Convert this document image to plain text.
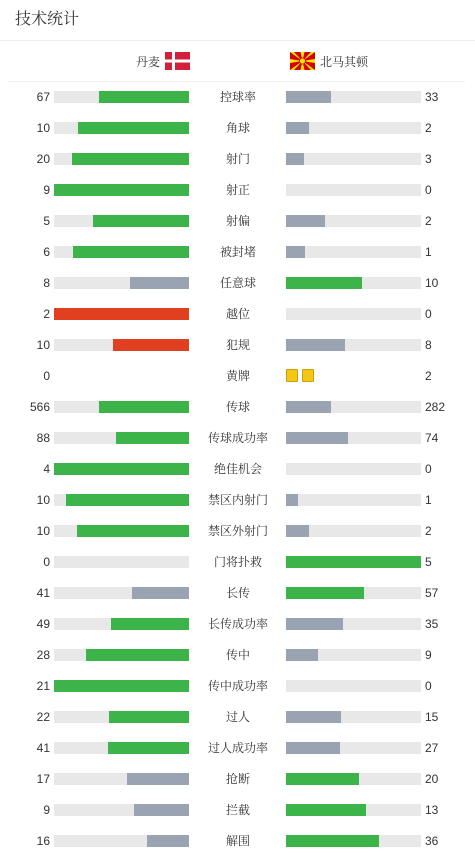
技术统计
丹麦	北马其顿
67	控球率	33
10	角球	2
20	射门	3
9	射正	0
5	射偏	2
6	被封堵	1
8	任意球	10
2	越位	0
10	犯规	8
0	黄牌	2
566	传球	282
88	传球成功率	74
4	绝佳机会	0
10	禁区内射门	1
10	禁区外射门	2
0	门将扑救	5
41	长传	57
49	长传成功率	35
28	传中	9
21	传中成功率	0
22	过人	15
41	过人成功率	27
17	抢断	20
9	拦截	13
16	解围	36
